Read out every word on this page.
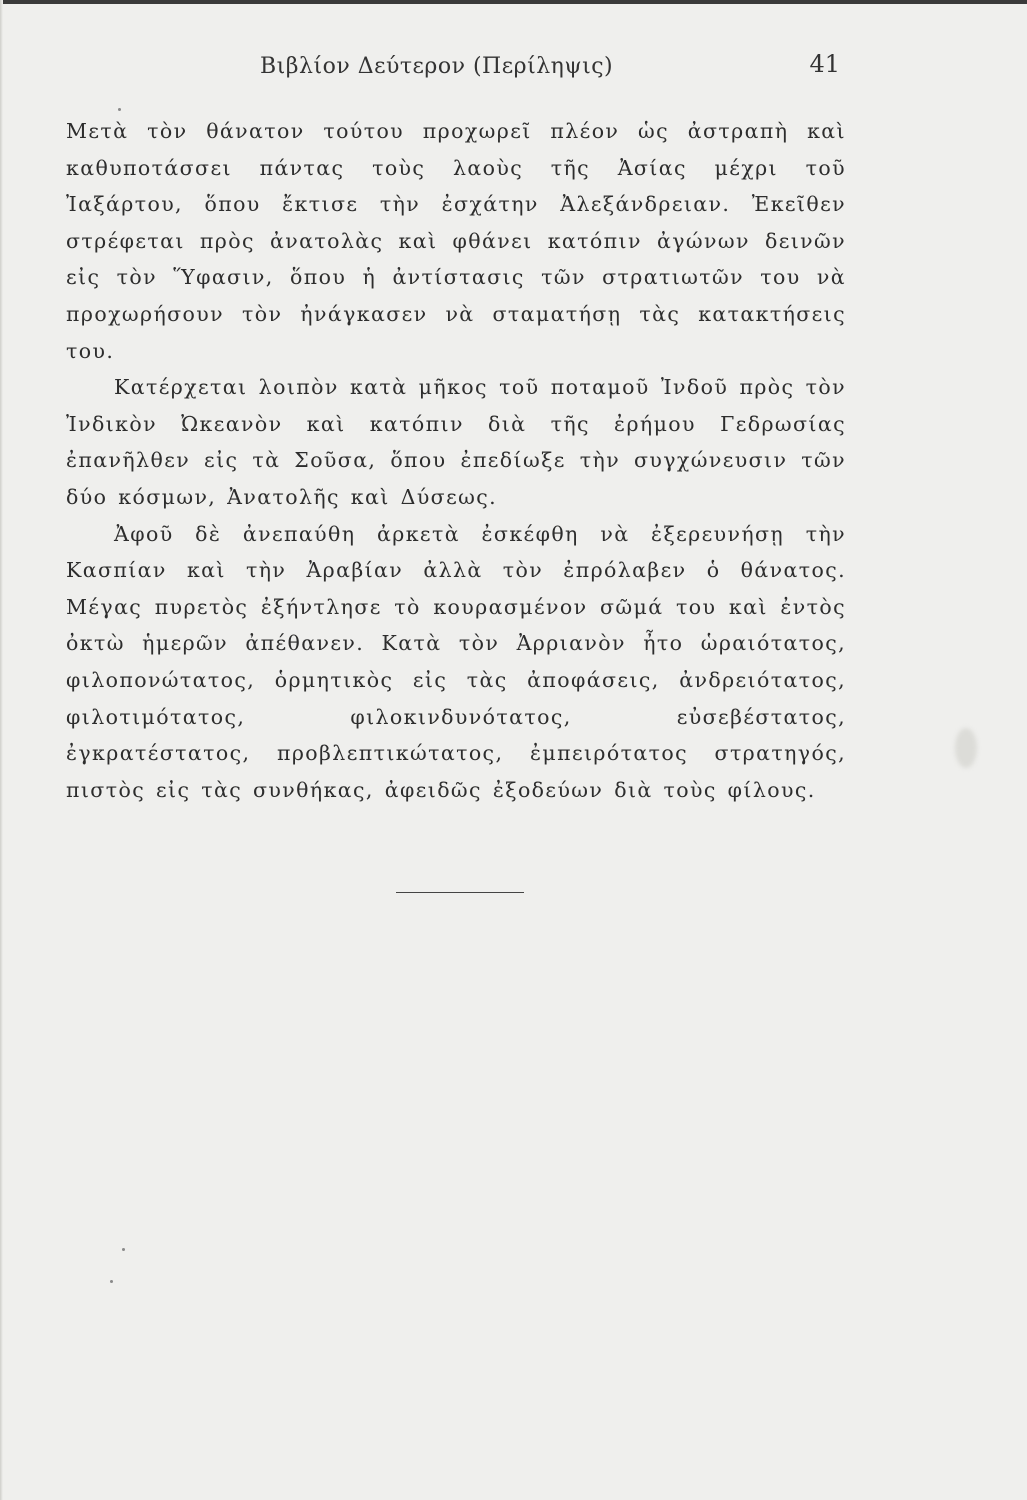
Βιβλίον Δεύτερον (Περίληψις)	41

Μετὰ τὸν θάνατον τούτου προχωρεῖ πλέον ὡς ἀστραπὴ καὶ καθυποτάσσει πάντας τοὺς λαοὺς τῆς Ἀσίας μέχρι τοῦ Ἰαξάρτου, ὅπου ἔκτισε τὴν ἐσχάτην Ἀλεξάνδρειαν. Ἐκεῖθεν στρέφεται πρὸς ἀνατολὰς καὶ φθάνει κατόπιν ἀγώνων δεινῶν εἰς τὸν Ὕφασιν, ὅπου ἡ ἀντίστασις τῶν στρατιωτῶν του νὰ προχωρήσουν τὸν ἠνάγκασεν νὰ σταματήσῃ τὰς κατακτήσεις του.

Κατέρχεται λοιπὸν κατὰ μῆκος τοῦ ποταμοῦ Ἰνδοῦ πρὸς τὸν Ἰνδικὸν Ὠκεανὸν καὶ κατόπιν διὰ τῆς ἐρήμου Γεδρωσίας ἐπανῆλθεν εἰς τὰ Σοῦσα, ὅπου ἐπεδίωξε τὴν συγχώνευσιν τῶν δύο κόσμων, Ἀνατολῆς καὶ Δύσεως.

Ἀφοῦ δὲ ἀνεπαύθη ἀρκετὰ ἐσκέφθη νὰ ἐξερευνήσῃ τὴν Κασπίαν καὶ τὴν Ἀραβίαν ἀλλὰ τὸν ἐπρόλαβεν ὁ θάνατος. Μέγας πυρετὸς ἐξήντλησε τὸ κουρασμένον σῶμά του καὶ ἐντὸς ὀκτὼ ἡμερῶν ἀπέθανεν. Κατὰ τὸν Ἀρριανὸν ἦτο ὡραιότατος, φιλοπονώτατος, ὁρμητικὸς εἰς τὰς ἀποφάσεις, ἀνδρειότατος, φιλοτιμότατος, φιλοκινδυνότατος, εὐσεβέστατος, ἐγκρατέστατος, προβλεπτικώτατος, ἐμπειρότατος στρατηγός, πιστὸς εἰς τὰς συνθήκας, ἀφειδῶς ἐξοδεύων διὰ τοὺς φίλους.
